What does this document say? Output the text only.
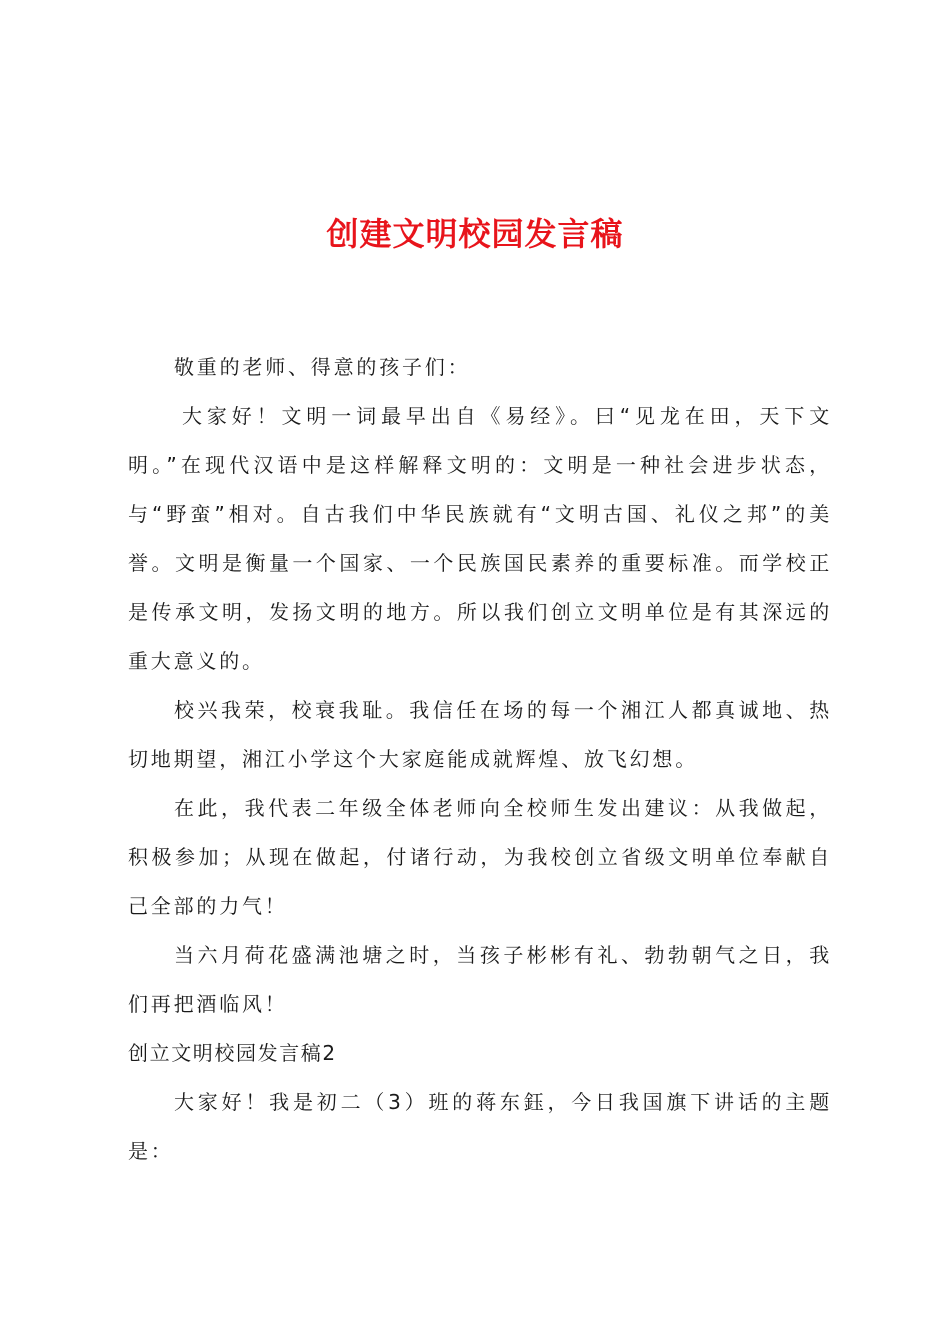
创建文明校园发言稿

敬重的老师、得意的孩子们：

大家好！文明一词最早出自《易经》。曰“见龙在田，天下文明。”在现代汉语中是这样解释文明的：文明是一种社会进步状态，与“野蛮”相对。自古我们中华民族就有“文明古国、礼仪之邦”的美誉。文明是衡量一个国家、一个民族国民素养的重要标准。而学校正是传承文明，发扬文明的地方。所以我们创立文明单位是有其深远的重大意义的。

校兴我荣，校衰我耻。我信任在场的每一个湘江人都真诚地、热切地期望，湘江小学这个大家庭能成就辉煌、放飞幻想。

在此，我代表二年级全体老师向全校师生发出建议：从我做起，积极参加；从现在做起，付诸行动，为我校创立省级文明单位奉献自己全部的力气！

当六月荷花盛满池塘之时，当孩子彬彬有礼、勃勃朝气之日，我们再把酒临风！

创立文明校园发言稿2

大家好！我是初二（3）班的蒋东鈺，今日我国旗下讲话的主题是：
